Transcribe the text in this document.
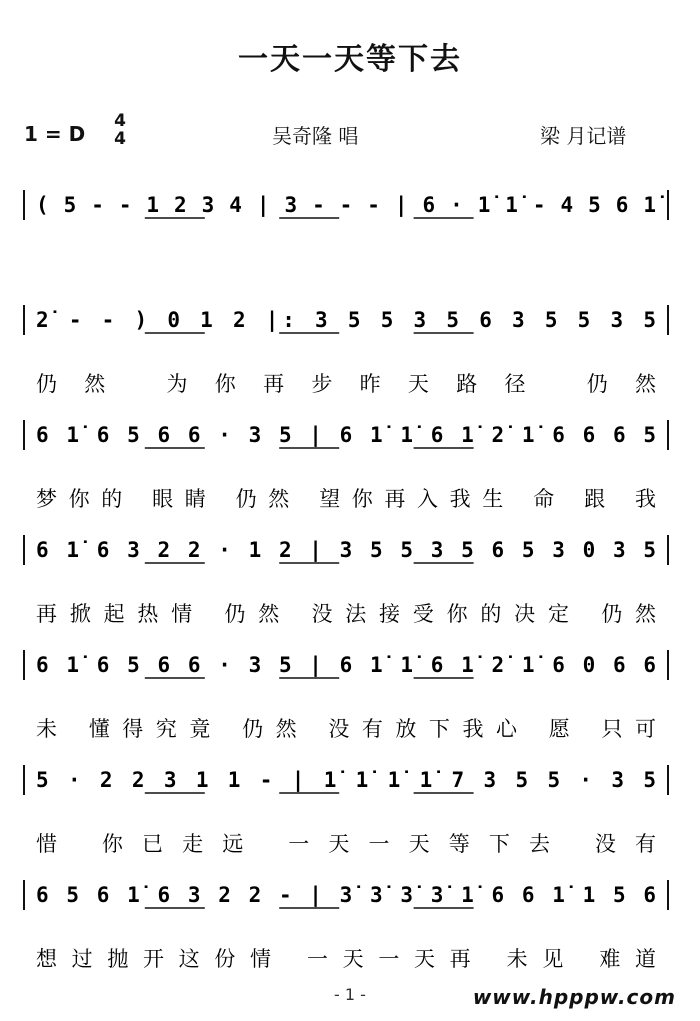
一天一天等下去
1 = D
4
4	吴奇隆 唱	梁 月记谱
( 5 - - 1 2 3 4 | 3 - - - | 6 · 1̇ 1̇ - 4 5 6 1̇
2̇ - - ) 0 1 2 |: 3 5 5 3 5 6 3 5 5 3 5
仍然 为你再步昨天路径 仍然
6 1̇ 6 5 6 6 · 3 5 | 6 1̇ 1̇ 6 1̇ 2̇ 1̇ 6 6 6 5
梦你的 眼睛 仍然 望你再入我生 命 跟 我
6 1̇ 6 3 2 2 · 1 2 | 3 5 5 3 5 6 5 3 0 3 5
再掀起热情 仍然 没法接受你的决定 仍然
6 1̇ 6 5 6 6 · 3 5 | 6 1̇ 1̇ 6 1̇ 2̇ 1̇ 6 0 6 6
未 懂得究竟 仍然 没有放下我心 愿 只可
5 · 2 2 3 1 1 - | 1̇ 1̇ 1̇ 1̇ 7 3 5 5 · 3 5
惜 你已走远 一天一天等下去 没有
6 5 6 1̇ 6 3 2 2 - | 3̇ 3̇ 3̇ 3̇ 1̇ 6 6 1̇ 1 5 6
想过抛开这份情 一天一天再 未见 难道
- 1 -	www.hpppw.com
